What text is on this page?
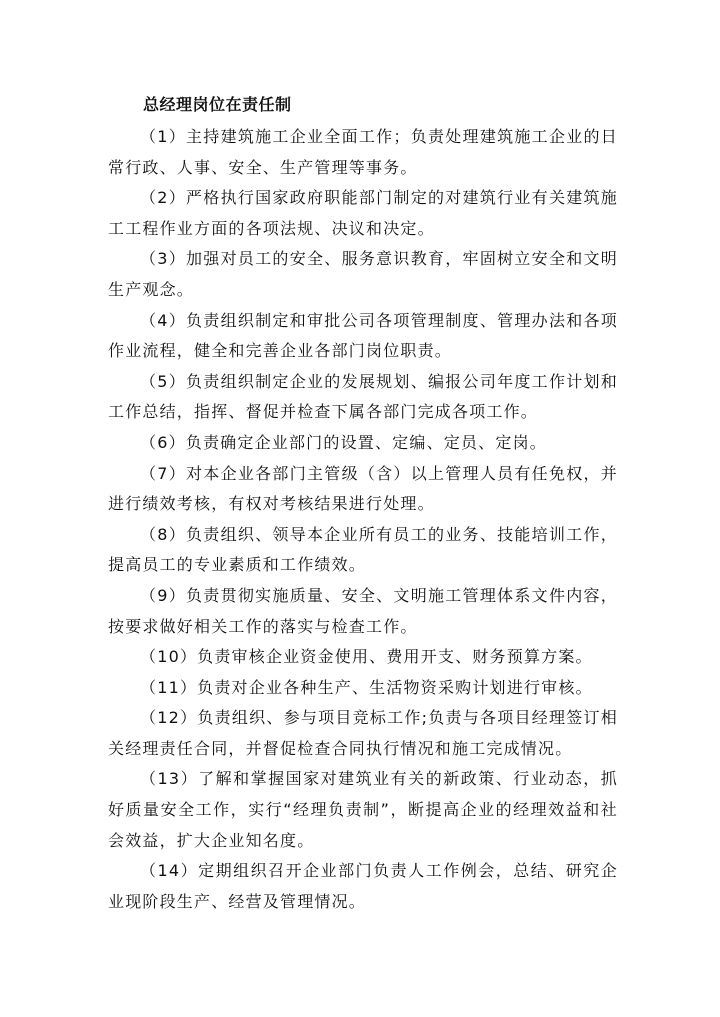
总经理岗位在责任制

（1）主持建筑施工企业全面工作；负责处理建筑施工企业的日常行政、人事、安全、生产管理等事务。

（2）严格执行国家政府职能部门制定的对建筑行业有关建筑施工工程作业方面的各项法规、决议和决定。

（3）加强对员工的安全、服务意识教育，牢固树立安全和文明生产观念。

（4）负责组织制定和审批公司各项管理制度、管理办法和各项作业流程，健全和完善企业各部门岗位职责。

（5）负责组织制定企业的发展规划、编报公司年度工作计划和工作总结，指挥、督促并检查下属各部门完成各项工作。

（6）负责确定企业部门的设置、定编、定员、定岗。

（7）对本企业各部门主管级（含）以上管理人员有任免权，并进行绩效考核，有权对考核结果进行处理。

（8）负责组织、领导本企业所有员工的业务、技能培训工作，提高员工的专业素质和工作绩效。

（9）负责贯彻实施质量、安全、文明施工管理体系文件内容，按要求做好相关工作的落实与检查工作。

（10）负责审核企业资金使用、费用开支、财务预算方案。

（11）负责对企业各种生产、生活物资采购计划进行审核。

（12）负责组织、参与项目竞标工作;负责与各项目经理签订相关经理责任合同，并督促检查合同执行情况和施工完成情况。

（13）了解和掌握国家对建筑业有关的新政策、行业动态，抓好质量安全工作，实行“经理负责制”，断提高企业的经理效益和社会效益，扩大企业知名度。

（14）定期组织召开企业部门负责人工作例会，总结、研究企业现阶段生产、经营及管理情况。
